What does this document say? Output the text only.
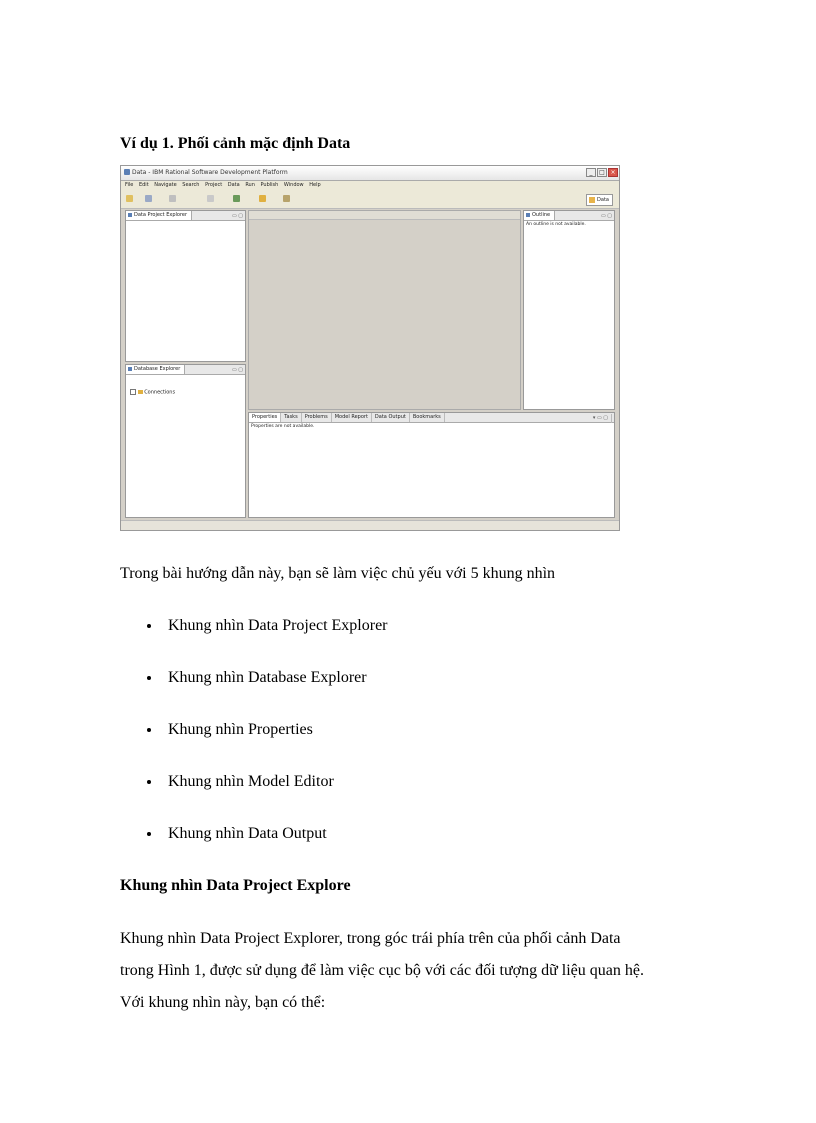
Ví dụ 1. Phối cảnh mặc định Data
Data - IBM Rational Software Development Platform	_	□ ×
File Edit Navigate Search Project Data Run Publish Window Help
Data
Data Project Explorer	▭ ▢	Outline	▭ ▢
An outline is not available.
Database Explorer	▭ ▢
Connections
Properties Tasks Problems Model Report Data Output Bookmarks	▾ ▭ ▢
Properties are not available.
Trong bài hướng dẫn này, bạn sẽ làm việc chủ yếu với 5 khung nhìn
Khung nhìn Data Project Explorer
Khung nhìn Database Explorer
Khung nhìn Properties
Khung nhìn Model Editor
Khung nhìn Data Output
Khung nhìn Data Project Explore
Khung nhìn Data Project Explorer, trong góc trái phía trên của phối cảnh Data
trong Hình 1, được sử dụng để làm việc cục bộ với các đối tượng dữ liệu quan hệ.
Với khung nhìn này, bạn có thể:
